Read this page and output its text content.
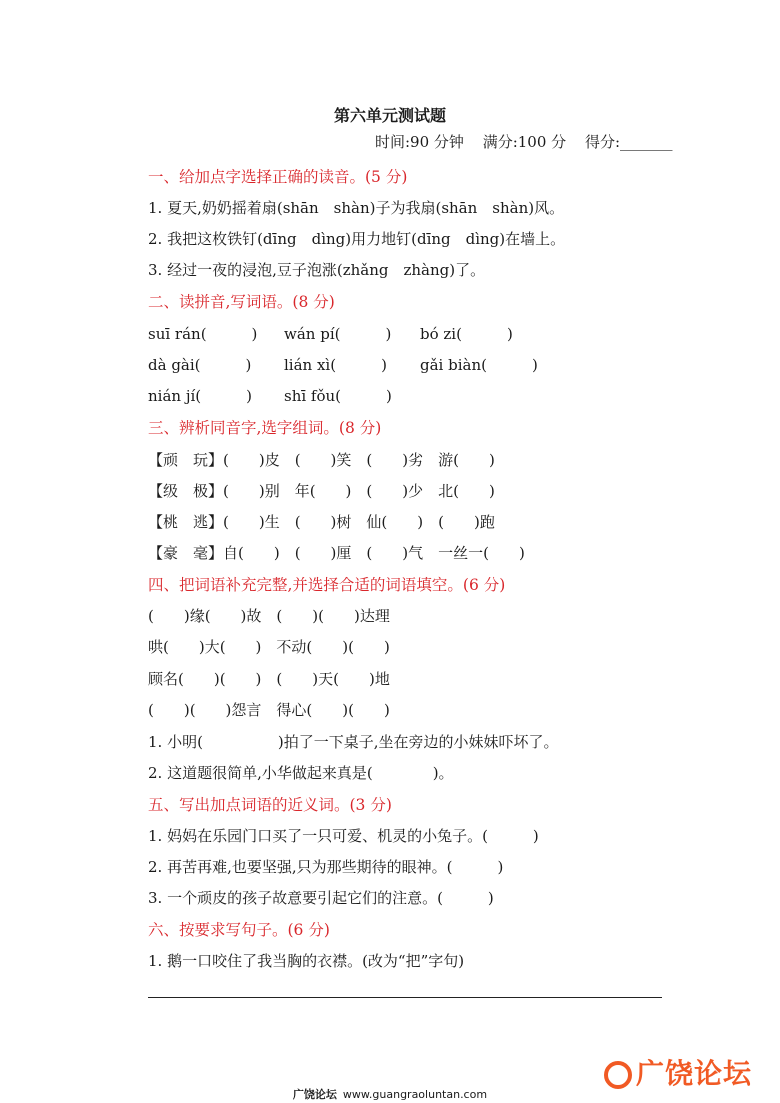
第六单元测试题
时间:90 分钟 满分:100 分 得分:_______
一、给加点字选择正确的读音。(5 分)
1. 夏天,奶奶摇着扇(shān　shàn)子为我扇(shān　shàn)风。
2. 我把这枚铁钉(dīng　dìng)用力地钉(dīng　dìng)在墙上。
3. 经过一夜的浸泡,豆子泡涨(zhǎng　zhàng)了。
二、读拼音,写词语。(8 分)
suī rán(　　　) wán pí(　　　) bó zi(　　　)
dà gài(　　　) lián xì(　　　) gǎi biàn(　　　)
nián jí(　　　) shī fǒu(　　　)
三、辨析同音字,选字组词。(8 分)
【顽　玩】(　　)皮　(　　)笑　(　　)劣　游(　　)
【级　极】(　　)别　年(　　)　(　　)少　北(　　)
【桃　逃】(　　)生　(　　)树　仙(　　)　(　　)跑
【豪　毫】自(　　)　(　　)厘　(　　)气　一丝一(　　)
四、把词语补充完整,并选择合适的词语填空。(6 分)
(　　)缘(　　)故　(　　)(　　)达理
哄(　　)大(　　)　不动(　　)(　　)
顾名(　　)(　　)　(　　)天(　　)地
(　　)(　　)怨言　得心(　　)(　　)
1. 小明(　　　　　)拍了一下桌子,坐在旁边的小妹妹吓坏了。
2. 这道题很简单,小华做起来真是(　　　　)。
五、写出加点词语的近义词。(3 分)
1. 妈妈在乐园门口买了一只可爱、机灵的小兔子。(　　　)
2. 再苦再难,也要坚强,只为那些期待的眼神。(　　　)
3. 一个顽皮的孩子故意要引起它们的注意。(　　　)
六、按要求写句子。(6 分)
1. 鹅一口咬住了我当胸的衣襟。(改为“把”字句)
广饶论坛
广饶论坛 www.guangraoluntan.com
